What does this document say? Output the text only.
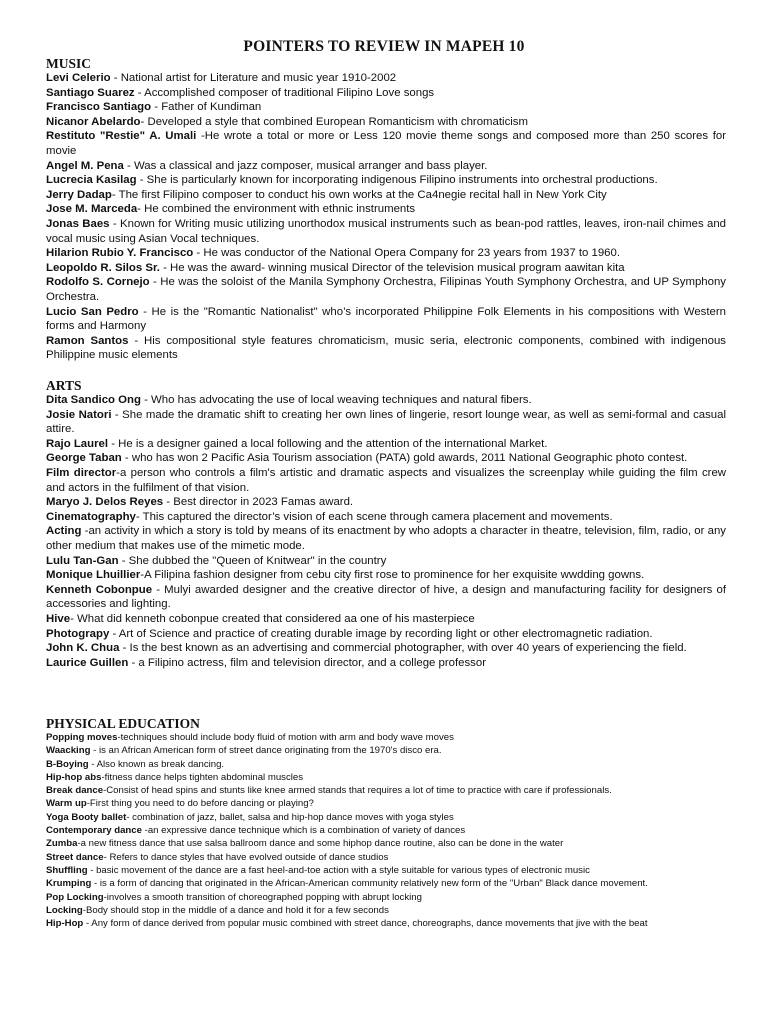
POINTERS TO REVIEW IN MAPEH 10

MUSIC

Levi Celerio - National artist for Literature and music year 1910-2002

Santiago Suarez - Accomplished composer of traditional Filipino Love songs

Francisco Santiago - Father of Kundiman

Nicanor Abelardo- Developed a style that combined European Romanticism with chromaticism

Restituto "Restie" A. Umali -He wrote a total or more or Less 120 movie theme songs and composed more than 250 scores for movie

Angel M. Pena - Was a classical and jazz composer, musical arranger and bass player.

Lucrecia Kasilag - She is particularly known for incorporating indigenous Filipino instruments into orchestral productions.

Jerry Dadap- The first Filipino composer to conduct his own works at the Ca4negie recital hall in New York City

Jose M. Marceda- He combined the environment with ethnic instruments

Jonas Baes - Known for Writing music utilizing unorthodox musical instruments such as bean-pod rattles, leaves, iron-nail chimes and vocal music using Asian Vocal techniques.

Hilarion Rubio Y. Francisco - He was conductor of the National Opera Company for 23 years from 1937 to 1960.

Leopoldo R. Silos Sr. - He was the award- winning musical Director of the television musical program aawitan kita

Rodolfo S. Cornejo - He was the soloist of the Manila Symphony Orchestra, Filipinas Youth Symphony Orchestra, and UP Symphony Orchestra.

Lucio San Pedro - He is the "Romantic Nationalist" who’s incorporated Philippine Folk Elements in his compositions with Western forms and Harmony

Ramon Santos - His compositional style features chromaticism, music seria, electronic components, combined with indigenous Philippine music elements

ARTS

Dita Sandico Ong - Who has advocating the use of local weaving techniques and natural fibers.

Josie Natori - She made the dramatic shift to creating her own lines of lingerie, resort lounge wear, as well as semi-formal and casual attire.

Rajo Laurel - He is a designer gained a local following and the attention of the international Market.

George Taban - who has won 2 Pacific Asia Tourism association (PATA) gold awards, 2011 National Geographic photo contest.

Film director-a person who controls a film's artistic and dramatic aspects and visualizes the screenplay while guiding the film crew and actors in the fulfilment of that vision.

Maryo J. Delos Reyes - Best director in 2023 Famas award.

Cinematography- This captured the director’s vision of each scene through camera placement and movements.

Acting -an activity in which a story is told by means of its enactment by who adopts a character in theatre, television, film, radio, or any other medium that makes use of the mimetic mode.

Lulu Tan-Gan - She dubbed the "Queen of Knitwear" in the country

Monique Lhuillier-A Filipina fashion designer from cebu city first rose to prominence for her exquisite wwdding gowns.

Kenneth Cobonpue - Mulyi awarded designer and the creative director of hive, a design and manufacturing facility for designers of accessories and lighting.

Hive- What did kenneth cobonpue created that considered aa one of his masterpiece

Photograpy - Art of Science and practice of creating durable image by recording light or other electromagnetic radiation.

John K. Chua - Is the best known as an advertising and commercial photographer, with over 40 years of experiencing the field.

Laurice Guillen - a Filipino actress, film and television director, and a college professor

PHYSICAL EDUCATION

Popping moves-techniques should include body fluid of motion with arm and body wave moves

Waacking - is an African American form of street dance originating from the 1970's disco era.

B-Boying - Also known as break dancing.

Hip-hop abs-fitness dance helps tighten abdominal muscles

Break dance-Consist of head spins and stunts like knee armed stands that requires a lot of time to practice with care if professionals.

Warm up-First thing you need to do before dancing or playing?

Yoga Booty ballet- combination of jazz, ballet, salsa and hip-hop dance moves with yoga styles

Contemporary dance -an expressive dance technique which is a combination of variety of dances

Zumba-a new fitness dance that use salsa ballroom dance and some hiphop dance routine, also can be done in the water

Street dance- Refers to dance styles that have evolved outside of dance studios

Shuffling - basic movement of the dance are a fast heel-and-toe action with a style suitable for various types of electronic music

Krumping - is a form of dancing that originated in the African-American community relatively new form of the "Urban" Black dance movement.

Pop Locking-involves a smooth transition of choreographed popping with abrupt locking

Locking-Body should stop in the middle of a dance and hold it for a few seconds

Hip-Hop - Any form of dance derived from popular music combined with street dance, choreographs, dance movements that jive with the beat
